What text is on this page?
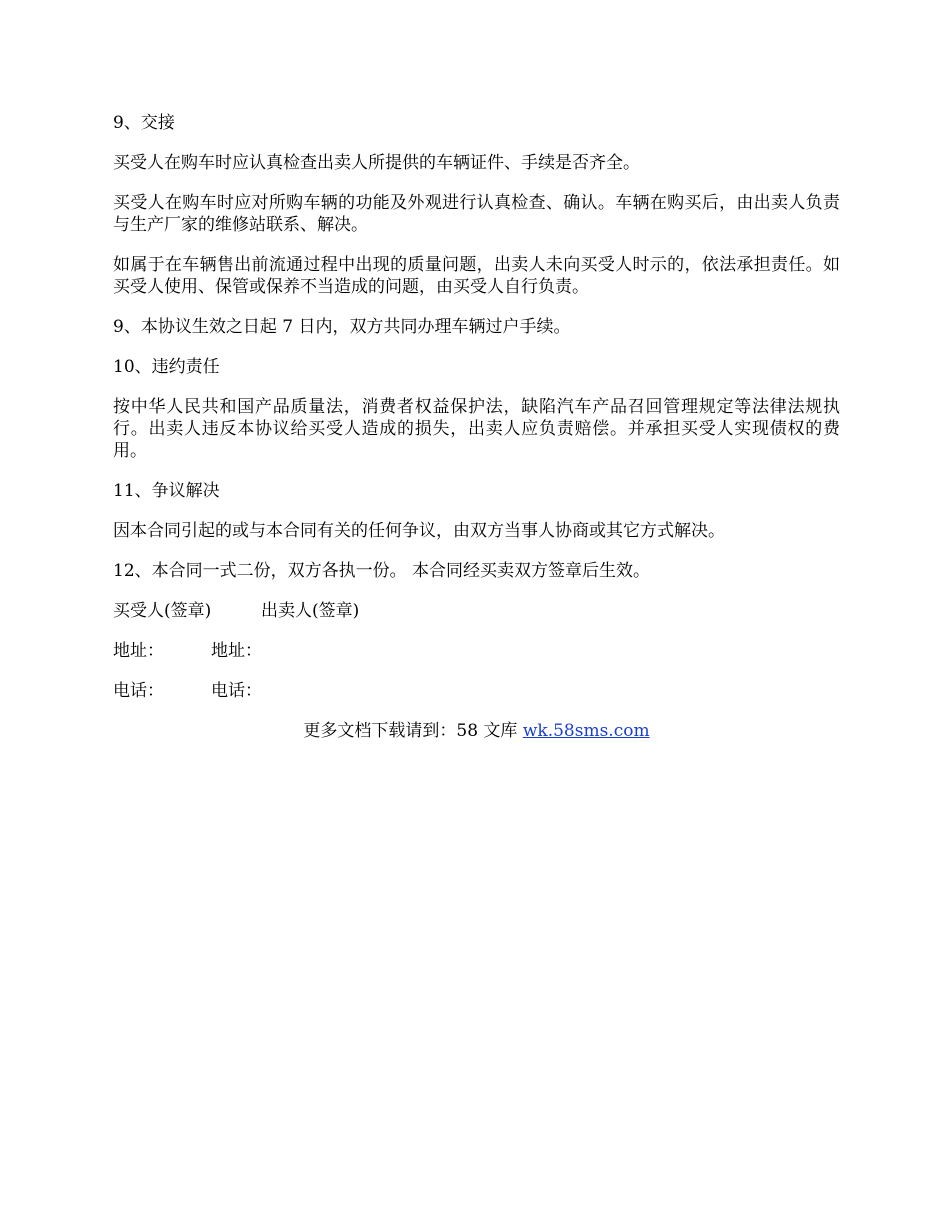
9、交接

买受人在购车时应认真检查出卖人所提供的车辆证件、手续是否齐全。

买受人在购车时应对所购车辆的功能及外观进行认真检查、确认。车辆在购买后，由出卖人负责与生产厂家的维修站联系、解决。

如属于在车辆售出前流通过程中出现的质量问题，出卖人未向买受人时示的，依法承担责任。如买受人使用、保管或保养不当造成的问题，由买受人自行负责。

9、本协议生效之日起 7 日内，双方共同办理车辆过户手续。

10、违约责任

按中华人民共和国产品质量法，消费者权益保护法，缺陷汽车产品召回管理规定等法律法规执行。出卖人违反本协议给买受人造成的损失，出卖人应负责赔偿。并承担买受人实现债权的费用。

11、争议解决

因本合同引起的或与本合同有关的任何争议，由双方当事人协商或其它方式解决。

12、本合同一式二份，双方各执一份。 本合同经买卖双方签章后生效。

买受人(签章)	出卖人(签章)
地址：	地址：
电话：	电话：

更多文档下载请到：58 文库 wk.58sms.com
